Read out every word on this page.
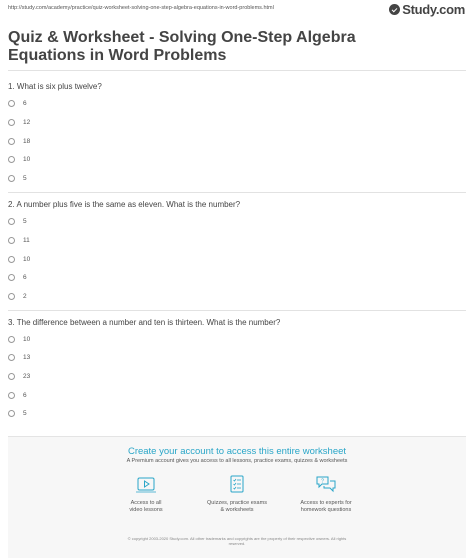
http://study.com/academy/practice/quiz-worksheet-solving-one-step-algebra-equations-in-word-problems.html	Study.com
Quiz & Worksheet - Solving One-Step Algebra Equations in Word Problems
1. What is six plus twelve?
6
12
18
10
5
2. A number plus five is the same as eleven. What is the number?
5
11
10
6
2
3. The difference between a number and ten is thirteen. What is the number?
10
13
23
6
5
Create your account to access this entire worksheet
A Premium account gives you access to all lessons, practice exams, quizzes & worksheets
Access to all
video lessons
Quizzes, practice exams
& worksheets
?
Access to experts for
homework questions
© copyright 2003-2020 Study.com. All other trademarks and copyrights are the property of their respective owners. All rights
reserved.
